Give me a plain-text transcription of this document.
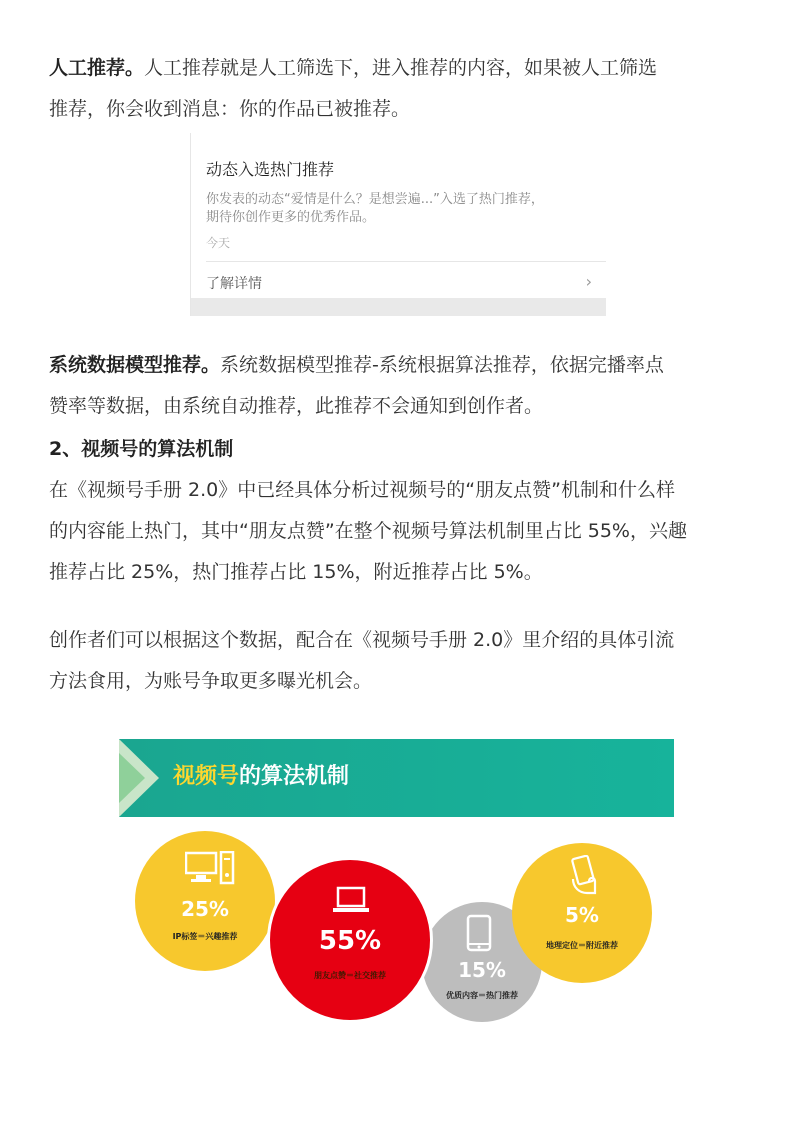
人工推荐。人工推荐就是人工筛选下，进入推荐的内容，如果被人工筛选
推荐，你会收到消息：你的作品已被推荐。
动态入选热门推荐
你发表的动态“爱情是什么？是想尝遍...”入选了热门推荐，
期待你创作更多的优秀作品。
今天
了解详情	›
系统数据模型推荐。系统数据模型推荐-系统根据算法推荐，依据完播率点
赞率等数据，由系统自动推荐，此推荐不会通知到创作者。
2、视频号的算法机制
在《视频号手册 2.0》中已经具体分析过视频号的“朋友点赞”机制和什么样
的内容能上热门，其中“朋友点赞”在整个视频号算法机制里占比 55%，兴趣
推荐占比 25%，热门推荐占比 15%，附近推荐占比 5%。
创作者们可以根据这个数据，配合在《视频号手册 2.0》里介绍的具体引流
方法食用，为账号争取更多曝光机会。
视频号的算法机制
25%
IP标签＝兴趣推荐
15%
优质内容＝热门推荐
55%
朋友点赞＝社交推荐
5%
地理定位＝附近推荐
